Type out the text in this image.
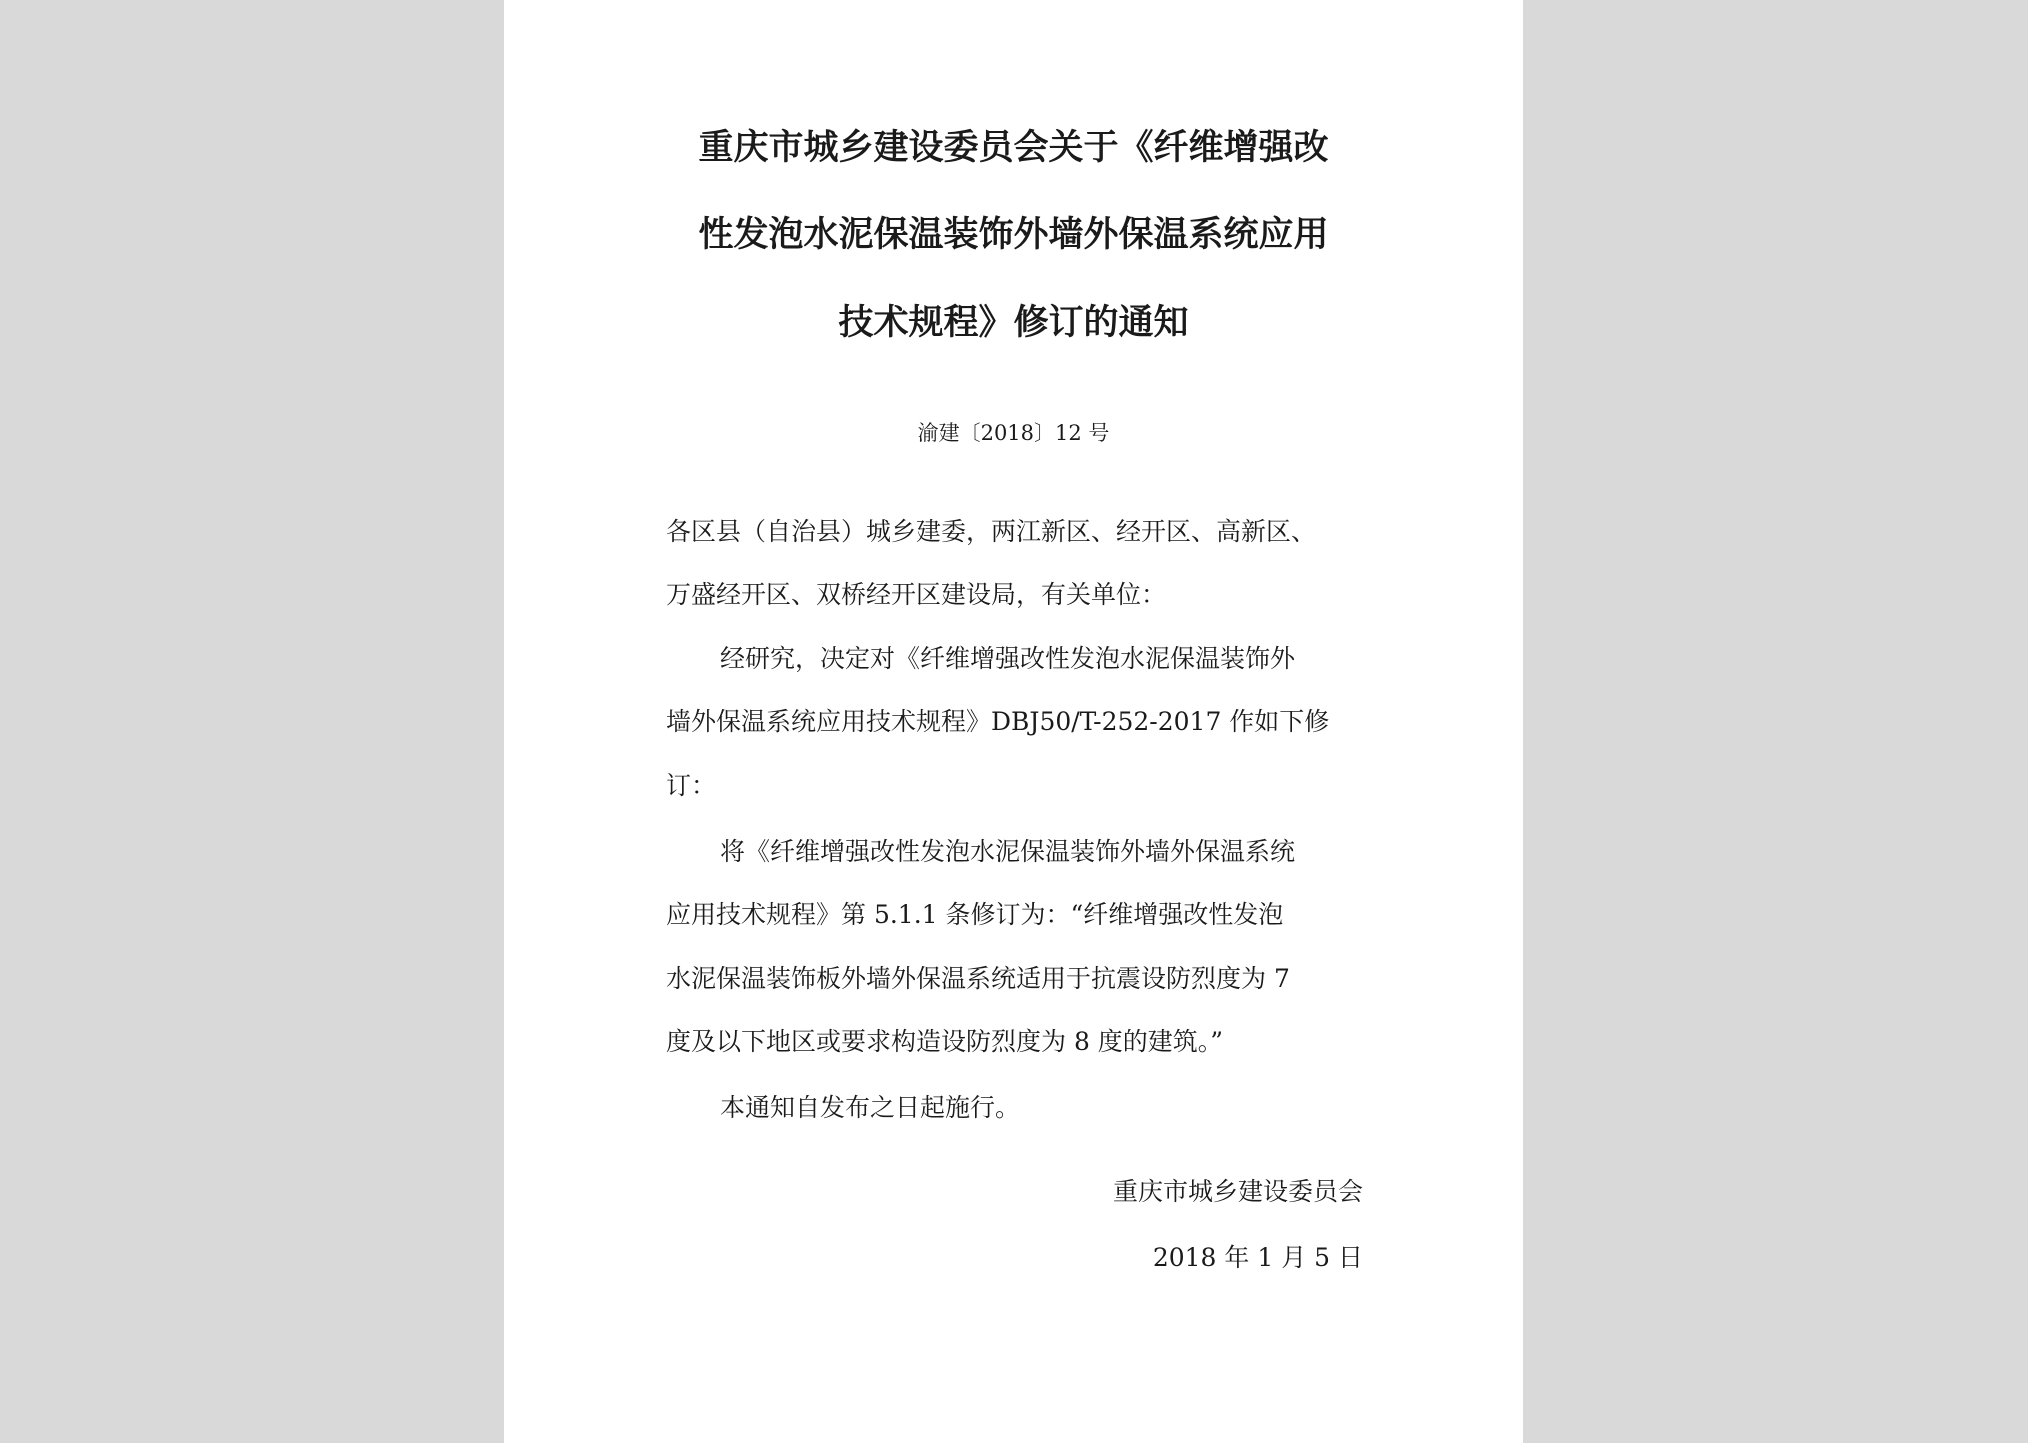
重庆市城乡建设委员会关于《纤维增强改
性发泡水泥保温装饰外墙外保温系统应用
技术规程》修订的通知
渝建〔2018〕12 号
各区县（自治县）城乡建委，两江新区、经开区、高新区、
万盛经开区、双桥经开区建设局，有关单位：
经研究，决定对《纤维增强改性发泡水泥保温装饰外
墙外保温系统应用技术规程》DBJ50/T-252-2017 作如下修
订：
将《纤维增强改性发泡水泥保温装饰外墙外保温系统
应用技术规程》第 5.1.1 条修订为：“纤维增强改性发泡
水泥保温装饰板外墙外保温系统适用于抗震设防烈度为 7
度及以下地区或要求构造设防烈度为 8 度的建筑。”
本通知自发布之日起施行。
重庆市城乡建设委员会
2018 年 1 月 5 日
